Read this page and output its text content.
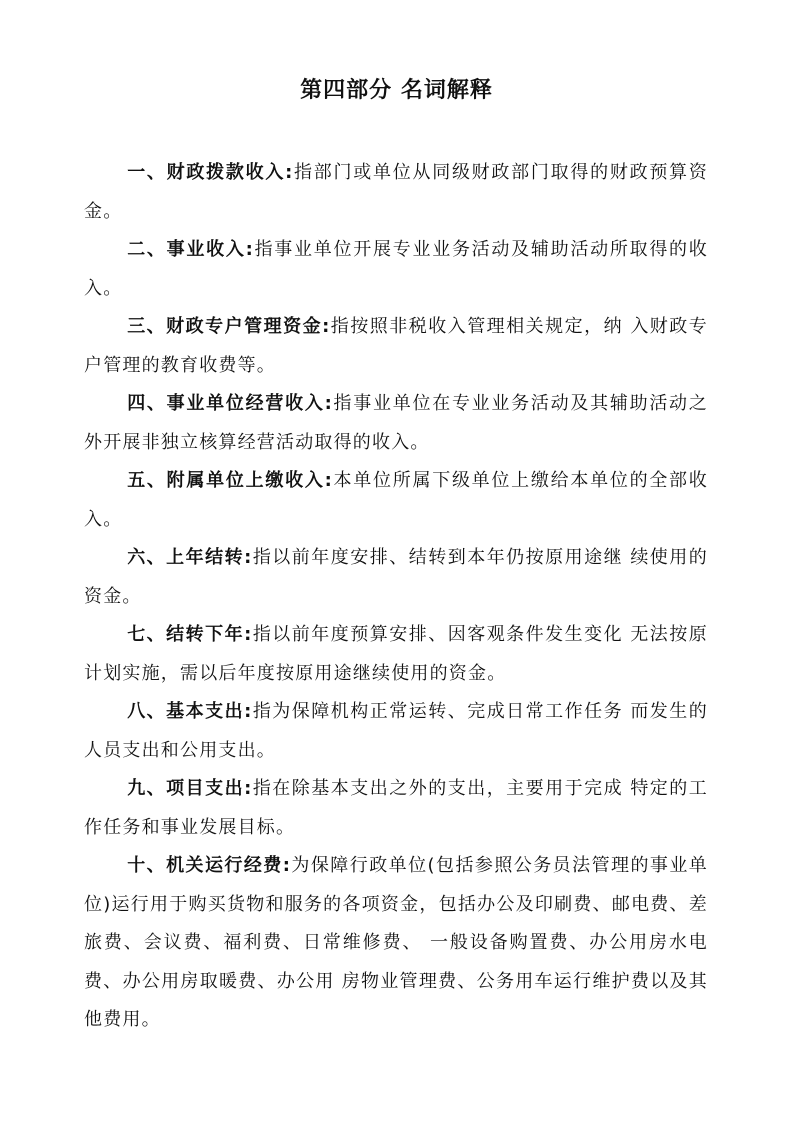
第四部分 名词解释

一、财政拨款收入:指部门或单位从同级财政部门取得的财政预算资金。

二、事业收入:指事业单位开展专业业务活动及辅助活动所取得的收入。

三、财政专户管理资金:指按照非税收入管理相关规定，纳 入财政专户管理的教育收费等。

四、事业单位经营收入:指事业单位在专业业务活动及其辅助活动之外开展非独立核算经营活动取得的收入。

五、附属单位上缴收入:本单位所属下级单位上缴给本单位的全部收入。

六、上年结转:指以前年度安排、结转到本年仍按原用途继 续使用的资金。

七、结转下年:指以前年度预算安排、因客观条件发生变化 无法按原计划实施，需以后年度按原用途继续使用的资金。

八、基本支出:指为保障机构正常运转、完成日常工作任务 而发生的人员支出和公用支出。

九、项目支出:指在除基本支出之外的支出，主要用于完成 特定的工作任务和事业发展目标。

十、机关运行经费:为保障行政单位(包括参照公务员法管理的事业单位)运行用于购买货物和服务的各项资金，包括办公及印刷费、邮电费、差旅费、会议费、福利费、日常维修费、 一般设备购置费、办公用房水电费、办公用房取暖费、办公用 房物业管理费、公务用车运行维护费以及其他费用。
